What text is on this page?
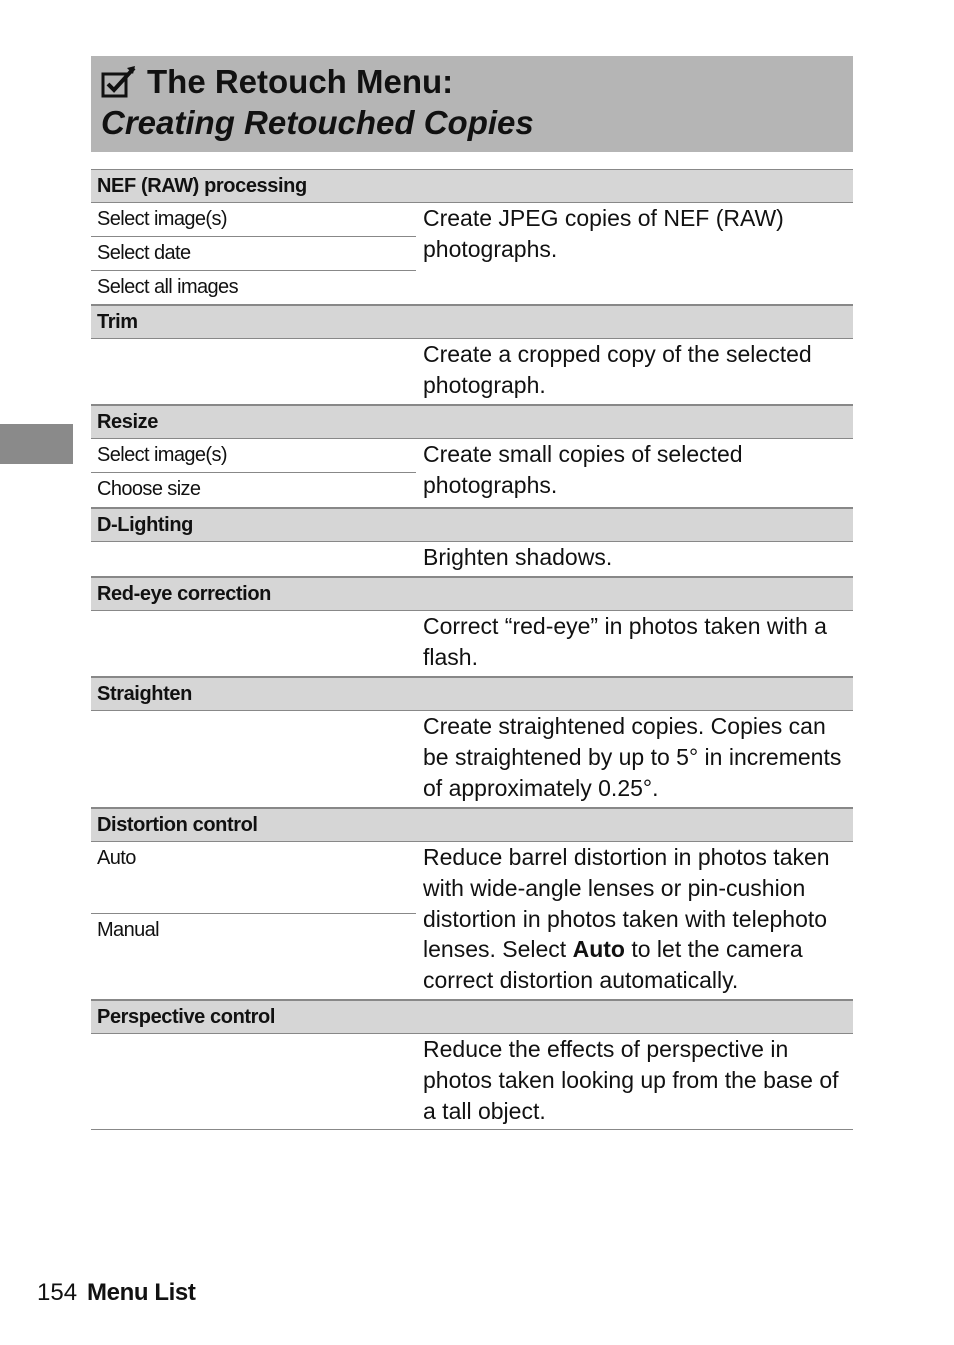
The Retouch Menu:
Creating Retouched Copies
NEF (RAW) processing
Select image(s)
Select date
Select all images
Create JPEG copies of NEF (RAW) photographs.
Trim
Create a cropped copy of the selected photograph.
Resize
Select image(s)
Choose size
Create small copies of selected photographs.
D-Lighting
Brighten shadows.
Red-eye correction
Correct “red-eye” in photos taken with a flash.
Straighten
Create straightened copies. Copies can be straightened by up to 5° in increments of approximately 0.25°.
Distortion control
Auto
Manual
Reduce barrel distortion in photos taken with wide-angle lenses or pin-cushion distortion in photos taken with telephoto lenses. Select Auto to let the camera correct distortion automatically.
Perspective control
Reduce the effects of perspective in photos taken looking up from the base of a tall object.
154 Menu List
